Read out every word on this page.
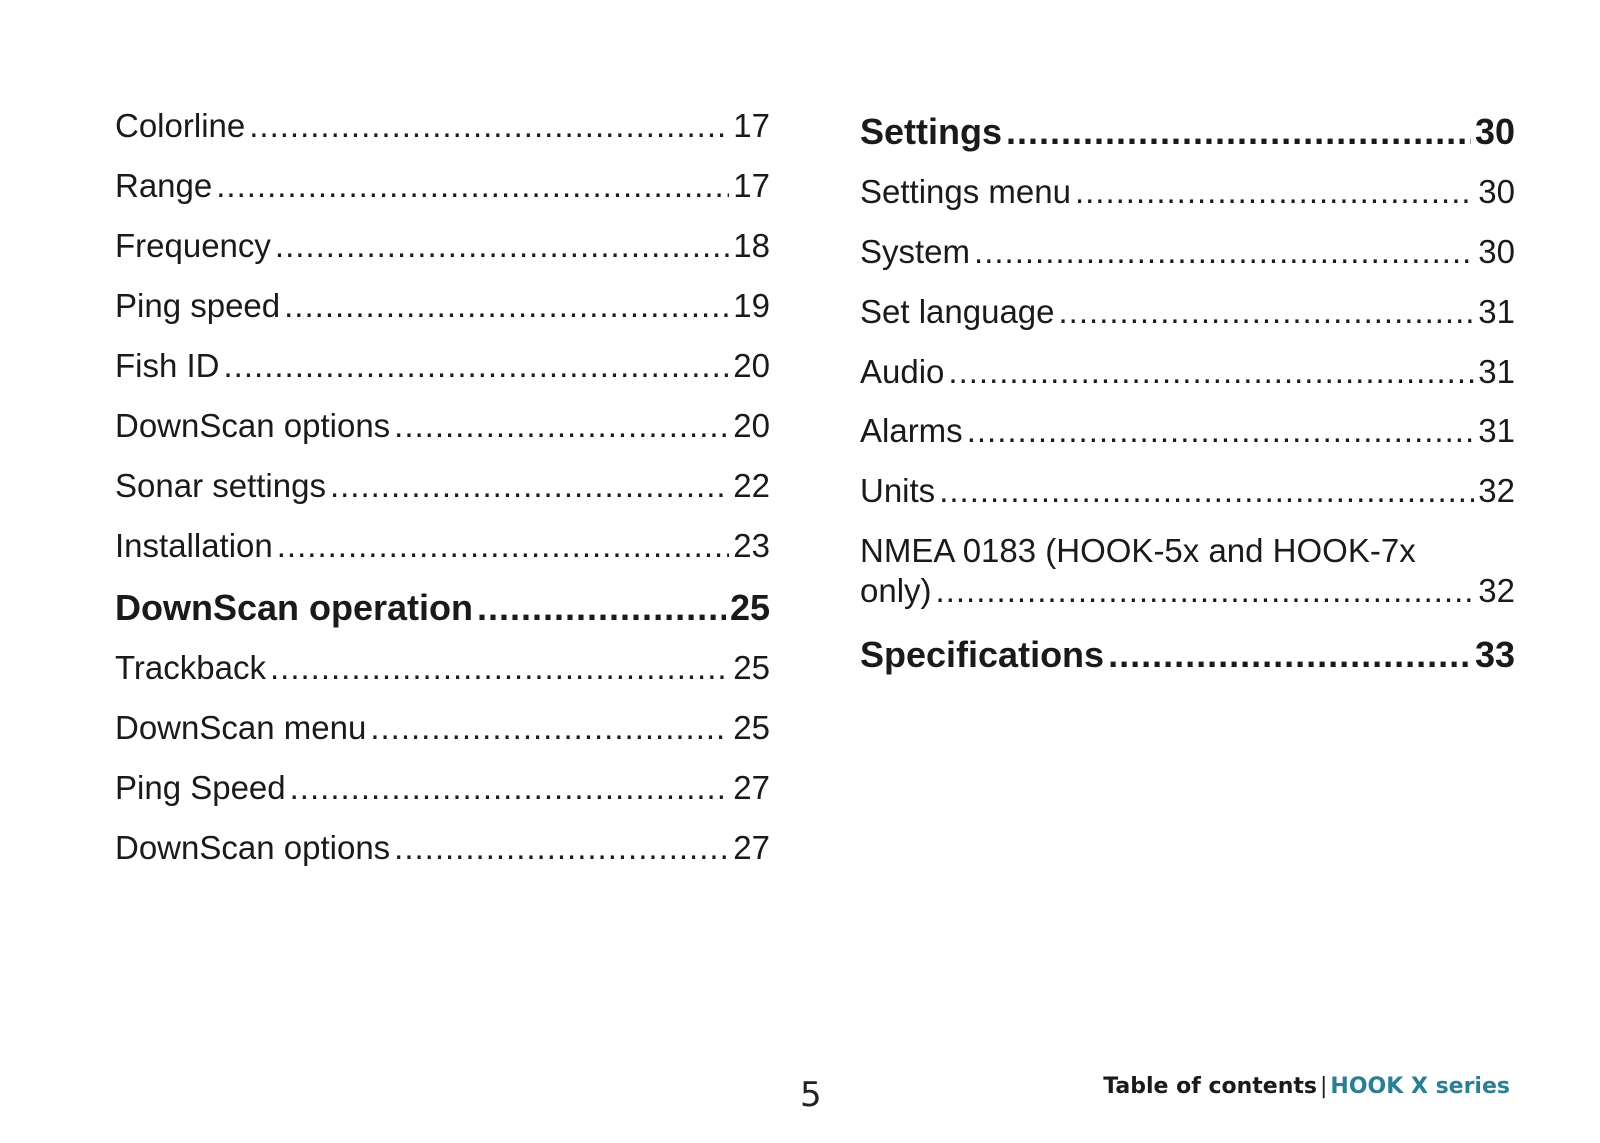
Colorline .....	17
Range .....	17
Frequency .....	18
Ping speed .....	19
Fish ID .....	20
DownScan options .....	20
Sonar settings .....	22
Installation .....	23
DownScan operation .....	25
Trackback .....	25
DownScan menu .....	25
Ping Speed .....	27
DownScan options .....	27
Settings .....	30
Settings menu .....	30
System .....	30
Set language .....	31
Audio .....	31
Alarms .....	31
Units .....	32
NMEA 0183 (HOOK-5x and HOOK-7x
only) .....	32
Specifications .....	33
5	Table of contents | HOOK X series
